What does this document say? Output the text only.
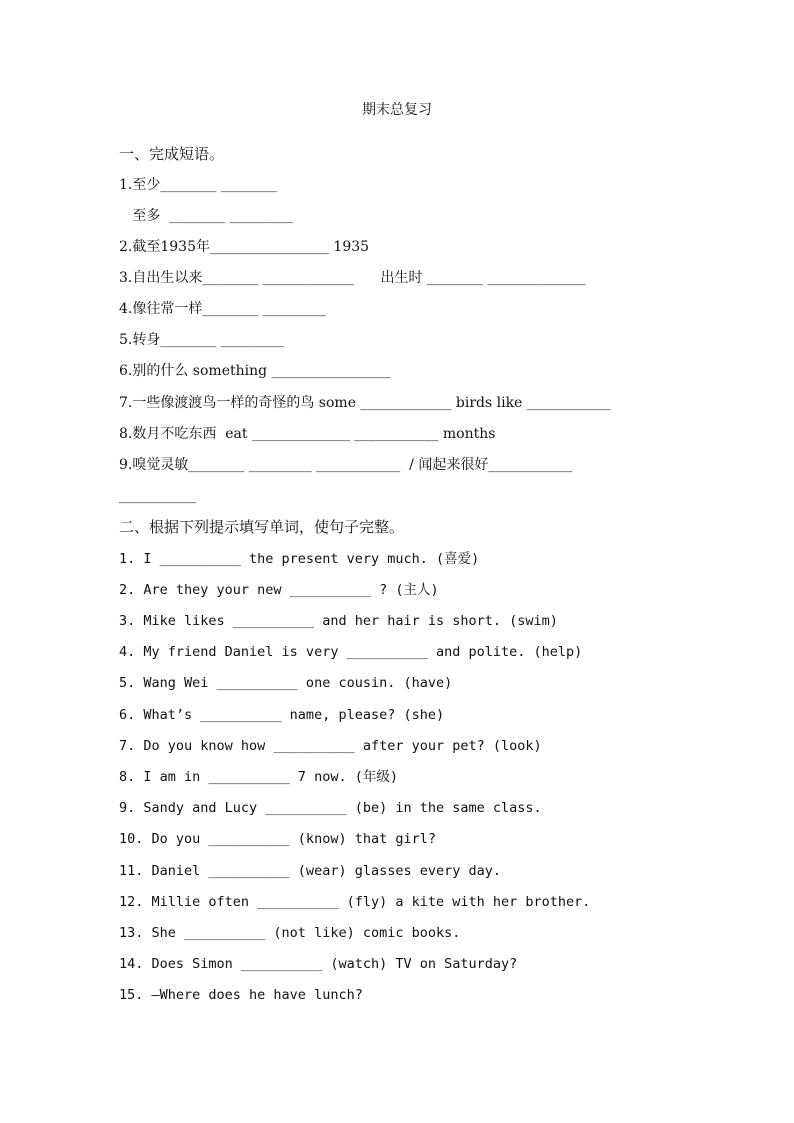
期末总复习
一、完成短语。
1.至少________ ________
至多  ________ _________
2.截至1935年_________________ 1935
3.自出生以来________ _____________      出生时 ________ ______________
4.像往常一样________ _________
5.转身________ _________
6.别的什么 something _________________
7.一些像渡渡鸟一样的奇怪的鸟 some _____________ birds like ____________
8.数月不吃东西  eat ______________ ____________ months
9.嗅觉灵敏________ _________ ____________  / 闻起来很好____________
___________
二、根据下列提示填写单词，使句子完整。
1. I __________ the present very much. (喜爱)
2. Are they your new __________ ? (主人)
3. Mike likes __________ and her hair is short. (swim)
4. My friend Daniel is very __________ and polite. (help)
5. Wang Wei __________ one cousin. (have)
6. What’s __________ name, please? (she)
7. Do you know how __________ after your pet? (look)
8. I am in __________ 7 now. (年级)
9. Sandy and Lucy __________ (be) in the same class.
10. Do you __________ (know) that girl?
11. Daniel __________ (wear) glasses every day.
12. Millie often __________ (fly) a kite with her brother.
13. She __________ (not like) comic books.
14. Does Simon __________ (watch) TV on Saturday?
15. —Where does he have lunch?
